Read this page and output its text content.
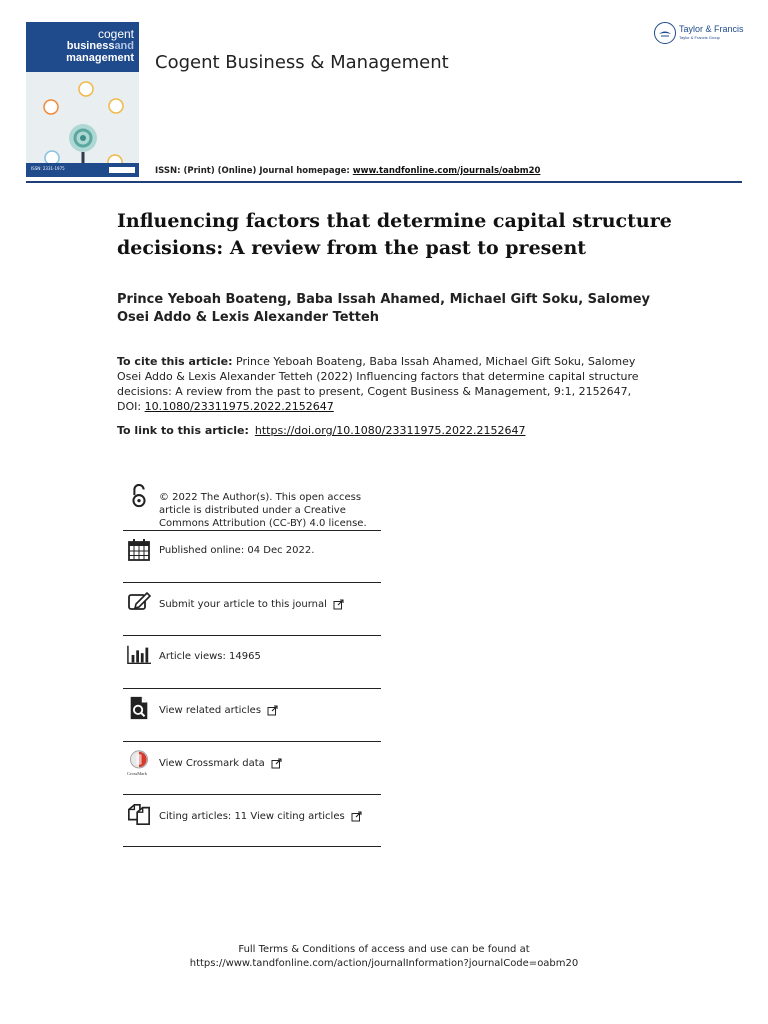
cogent
businessand
management
ISSN: 2331-1975
Cogent Business & Management
Taylor & Francis
Taylor & Francis Group
ISSN: (Print) (Online) Journal homepage: www.tandfonline.com/journals/oabm20
Influencing factors that determine capital structure decisions: A review from the past to present
Prince Yeboah Boateng, Baba Issah Ahamed, Michael Gift Soku, Salomey Osei Addo & Lexis Alexander Tetteh
To cite this article: Prince Yeboah Boateng, Baba Issah Ahamed, Michael Gift Soku, Salomey Osei Addo & Lexis Alexander Tetteh (2022) Influencing factors that determine capital structure decisions: A review from the past to present, Cogent Business & Management, 9:1, 2152647, DOI: 10.1080/23311975.2022.2152647
To link to this article: https://doi.org/10.1080/23311975.2022.2152647
© 2022 The Author(s). This open access article is distributed under a Creative Commons Attribution (CC-BY) 4.0 license.
Published online: 04 Dec 2022.
Submit your article to this journal
Article views: 14965
View related articles
CrossMark
View Crossmark data
Citing articles: 11 View citing articles
Full Terms & Conditions of access and use can be found at
https://www.tandfonline.com/action/journalInformation?journalCode=oabm20
